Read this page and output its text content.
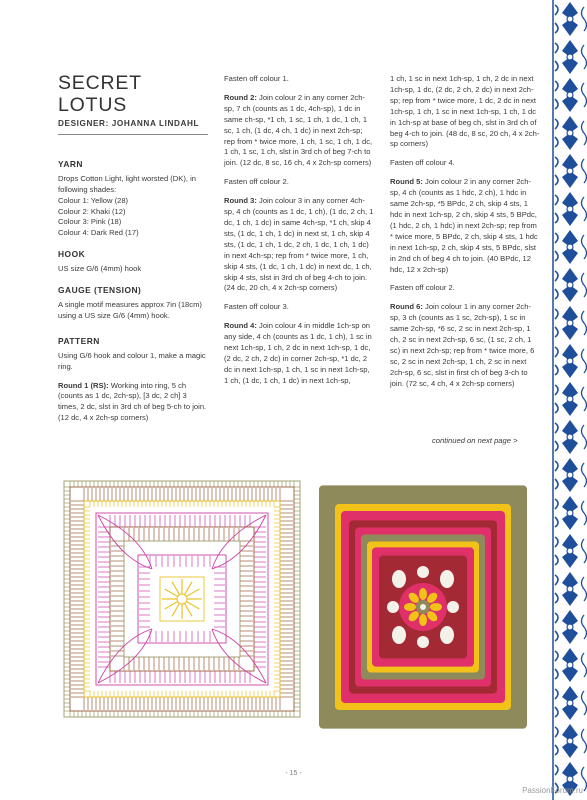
SECRET LOTUS
DESIGNER: JOHANNA LINDAHL
YARN
Drops Cotton Light, light worsted (DK), in following shades:
Colour 1: Yellow (28)
Colour 2: Khaki (12)
Colour 3: Pink (18)
Colour 4: Dark Red (17)
HOOK
US size G/6 (4mm) hook
GAUGE (TENSION)
A single motif measures approx 7in (18cm) using a US size G/6 (4mm) hook.
PATTERN
Using G/6 hook and colour 1, make a magic ring.
Round 1 (RS): Working into ring, 5 ch (counts as 1 dc, 2ch-sp), [3 dc, 2 ch] 3 times, 2 dc, slst in 3rd ch of beg 5-ch to join. (12 dc, 4 x 2ch-sp corners)
Fasten off colour 1.
Round 2: Join colour 2 in any corner 2ch-sp, 7 ch (counts as 1 dc, 4ch-sp), 1 dc in same ch-sp, *1 ch, 1 sc, 1 ch, 1 dc, 1 ch, 1 sc, 1 ch, (1 dc, 4 ch, 1 dc) in next 2ch-sp; rep from * twice more, 1 ch, 1 sc, 1 ch, 1 dc, 1 ch, 1 sc, 1 ch, slst in 3rd ch of beg 7-ch to join. (12 dc, 8 sc, 16 ch, 4 x 2ch-sp corners)
Fasten off colour 2.
Round 3: Join colour 3 in any corner 4ch-sp, 4 ch (counts as 1 dc, 1 ch), (1 dc, 2 ch, 1 dc, 1 ch, 1 dc) in same 4ch-sp, *1 ch, skip 4 sts, (1 dc, 1 ch, 1 dc) in next st, 1 ch, skip 4 sts, (1 dc, 1 ch, 1 dc, 2 ch, 1 dc, 1 ch, 1 dc) in next 4ch-sp; rep from * twice more, 1 ch, skip 4 sts, (1 dc, 1 ch, 1 dc) in next dc, 1 ch, skip 4 sts, slst in 3rd ch of beg 4-ch to join. (24 dc, 20 ch, 4 x 2ch-sp corners)
Fasten off colour 3.
Round 4: Join colour 4 in middle 1ch-sp on any side, 4 ch (counts as 1 dc, 1 ch), 1 sc in next 1ch-sp, 1 ch, 2 dc in next 1ch-sp, 1 dc, (2 dc, 2 ch, 2 dc) in corner 2ch-sp, *1 dc, 2 dc in next 1ch-sp, 1 ch, 1 sc in next 1ch-sp, 1 ch, (1 dc, 1 ch, 1 dc) in next 1ch-sp,
1 ch, 1 sc in next 1ch-sp, 1 ch, 2 dc in next 1ch-sp, 1 dc, (2 dc, 2 ch, 2 dc) in next 2ch-sp; rep from * twice more, 1 dc, 2 dc in next 1ch-sp, 1 ch, 1 sc in next 1ch-sp, 1 ch, 1 dc in 1ch-sp at base of beg ch, slst in 3rd ch of beg 4-ch to join. (48 dc, 8 sc, 20 ch, 4 x 2ch-sp corners)
Fasten off colour 4.
Round 5: Join colour 2 in any corner 2ch-sp, 4 ch (counts as 1 hdc, 2 ch), 1 hdc in same 2ch-sp, *5 BPdc, 2 ch, skip 4 sts, 1 hdc in next 1ch-sp, 2 ch, skip 4 sts, 5 BPdc, (1 hdc, 2 ch, 1 hdc) in next 2ch-sp; rep from * twice more, 5 BPdc, 2 ch, skip 4 sts, 1 hdc in next 1ch-sp, 2 ch, skip 4 sts, 5 BPdc, slst in 2nd ch of beg 4 ch to join. (40 BPdc, 12 hdc, 12 x 2ch-sp)
Fasten off colour 2.
Round 6: Join colour 1 in any corner 2ch-sp, 3 ch (counts as 1 sc, 2ch-sp), 1 sc in same 2ch-sp, *6 sc, 2 sc in next 2ch-sp, 1 ch, 2 sc in next 2ch-sp, 6 sc, (1 sc, 2 ch, 1 sc) in next 2ch-sp; rep from * twice more, 6 sc, 2 sc in next 2ch-sp, 1 ch, 2 sc in next 2ch-sp, 6 sc, slst in first ch of beg 3-ch to join. (72 sc, 4 ch, 4 x 2ch-sp corners)
continued on next page >
- 15 -
PassionForum.ru
